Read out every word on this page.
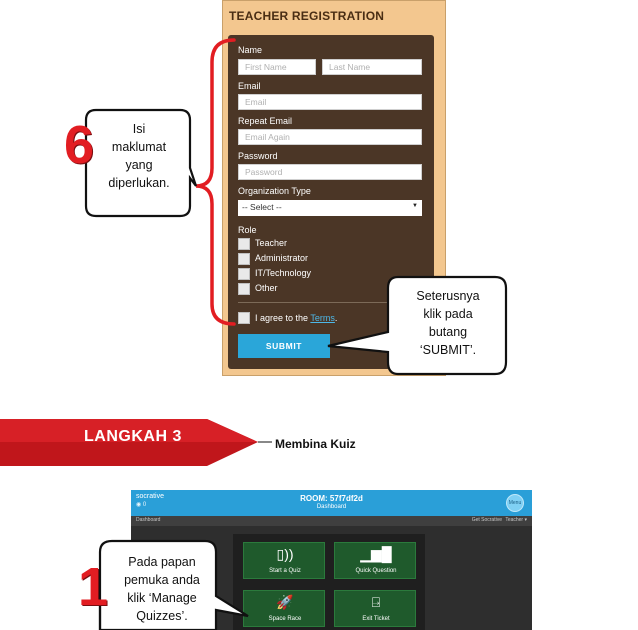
TEACHER REGISTRATION
Name
First Name	Last Name
Email
Email
Repeat Email
Email Again
Password
Password
Organization Type
-- Select --	▼
Role
Teacher
Administrator
IT/Technology
Other
I agree to the Terms.
SUBMIT
6	Isi
maklumat
yang
diperlukan.
Seterusnya
klik pada
butang
‘SUBMIT’.
LANGKAH 3	Membina Kuiz
socrative
◉ 0
ROOM: 57f7df2d
Dashboard
Menu
Dashboard	Get Socrative Teacher ▾
▯))
Start a Quiz
▁▆█
Quick Question
🚀
Space Race
⍈
Exit Ticket
1	Pada papan
pemuka anda
klik ‘Manage
Quizzes’.
